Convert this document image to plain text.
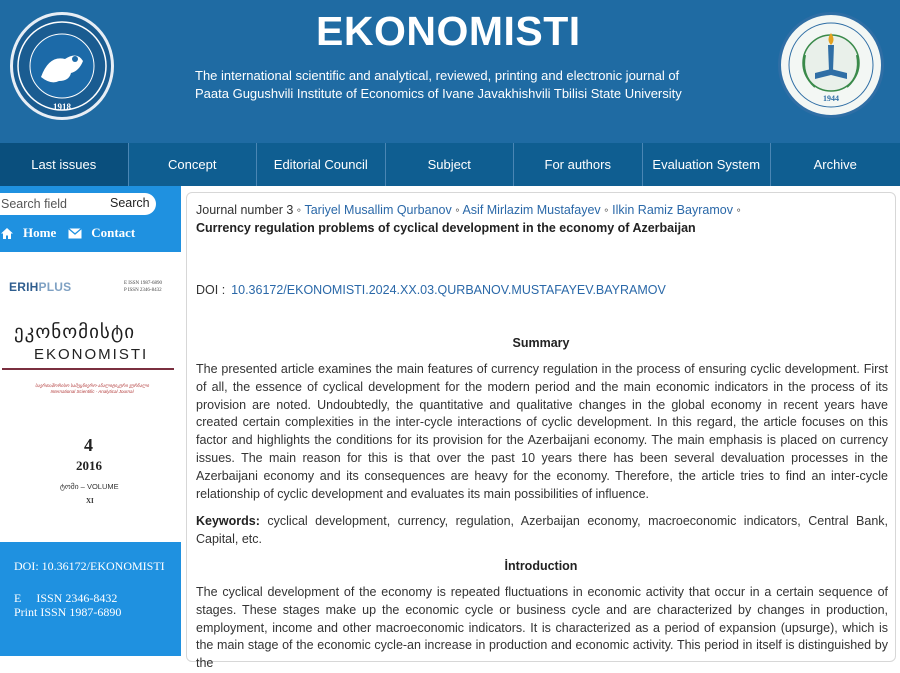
1918
EKONOMISTI
The international scientific and analytical, reviewed, printing and electronic journal of
Paata Gugushvili Institute of Economics of Ivane Javakhishvili Tbilisi State University	1944
Last issues	Concept	Editorial Council	Subject	For authors	Evaluation System	Archive
Search field
Search
Home	Contact
ERIHPLUS	E ISSN 1987-6890
P ISSN 2346-8432
ეკონომისტი
EKONOMISTI
საერთაშორისო სამეცნიერო-ანალიტიკური ჟურნალი
International Scientific - Analytical Journal
4
2016
ტომი – VOLUME
XI
DOI: 10.36172/EKONOMISTI
E     ISSN 2346-8432
Print ISSN 1987-6890
Journal number 3 ◦ Tariyel Musallim Qurbanov ◦ Asif Mirlazim Mustafayev ◦ Ilkin Ramiz Bayramov ◦
Currency regulation problems of cyclical development in the economy of Azerbaijan
DOI : 10.36172/EKONOMISTI.2024.XX.03.QURBANOV.MUSTAFAYEV.BAYRAMOV
Summary
The presented article examines the main features of currency regulation in the process of ensuring cyclic development. First of all, the essence of cyclical development for the modern period and the main economic indicators in the process of its provision are noted. Undoubtedly, the quantitative and qualitative changes in the global economy in recent years have created certain complexities in the inter-cycle interactions of cyclic development. In this regard, the article focuses on this factor and highlights the conditions for its provision for the Azerbaijani economy. The main emphasis is placed on currency issues. The main reason for this is that over the past 10 years there has been several devaluation processes in the Azerbaijani economy and its consequences are heavy for the economy. Therefore, the article tries to find an inter-cycle relationship of cyclic development and evaluates its main possibilities of influence.
Keywords: cyclical development, currency, regulation, Azerbaijan economy, macroeconomic indicators, Central Bank, Capital, etc.
İntroduction
The cyclical development of the economy is repeated fluctuations in economic activity that occur in a certain sequence of stages. These stages make up the economic cycle or business cycle and are characterized by changes in production, employment, income and other macroeconomic indicators. It is characterized as a period of expansion (upsurge), which is the main stage of the economic cycle-an increase in production and economic activity. This period in itself is distinguished by the
